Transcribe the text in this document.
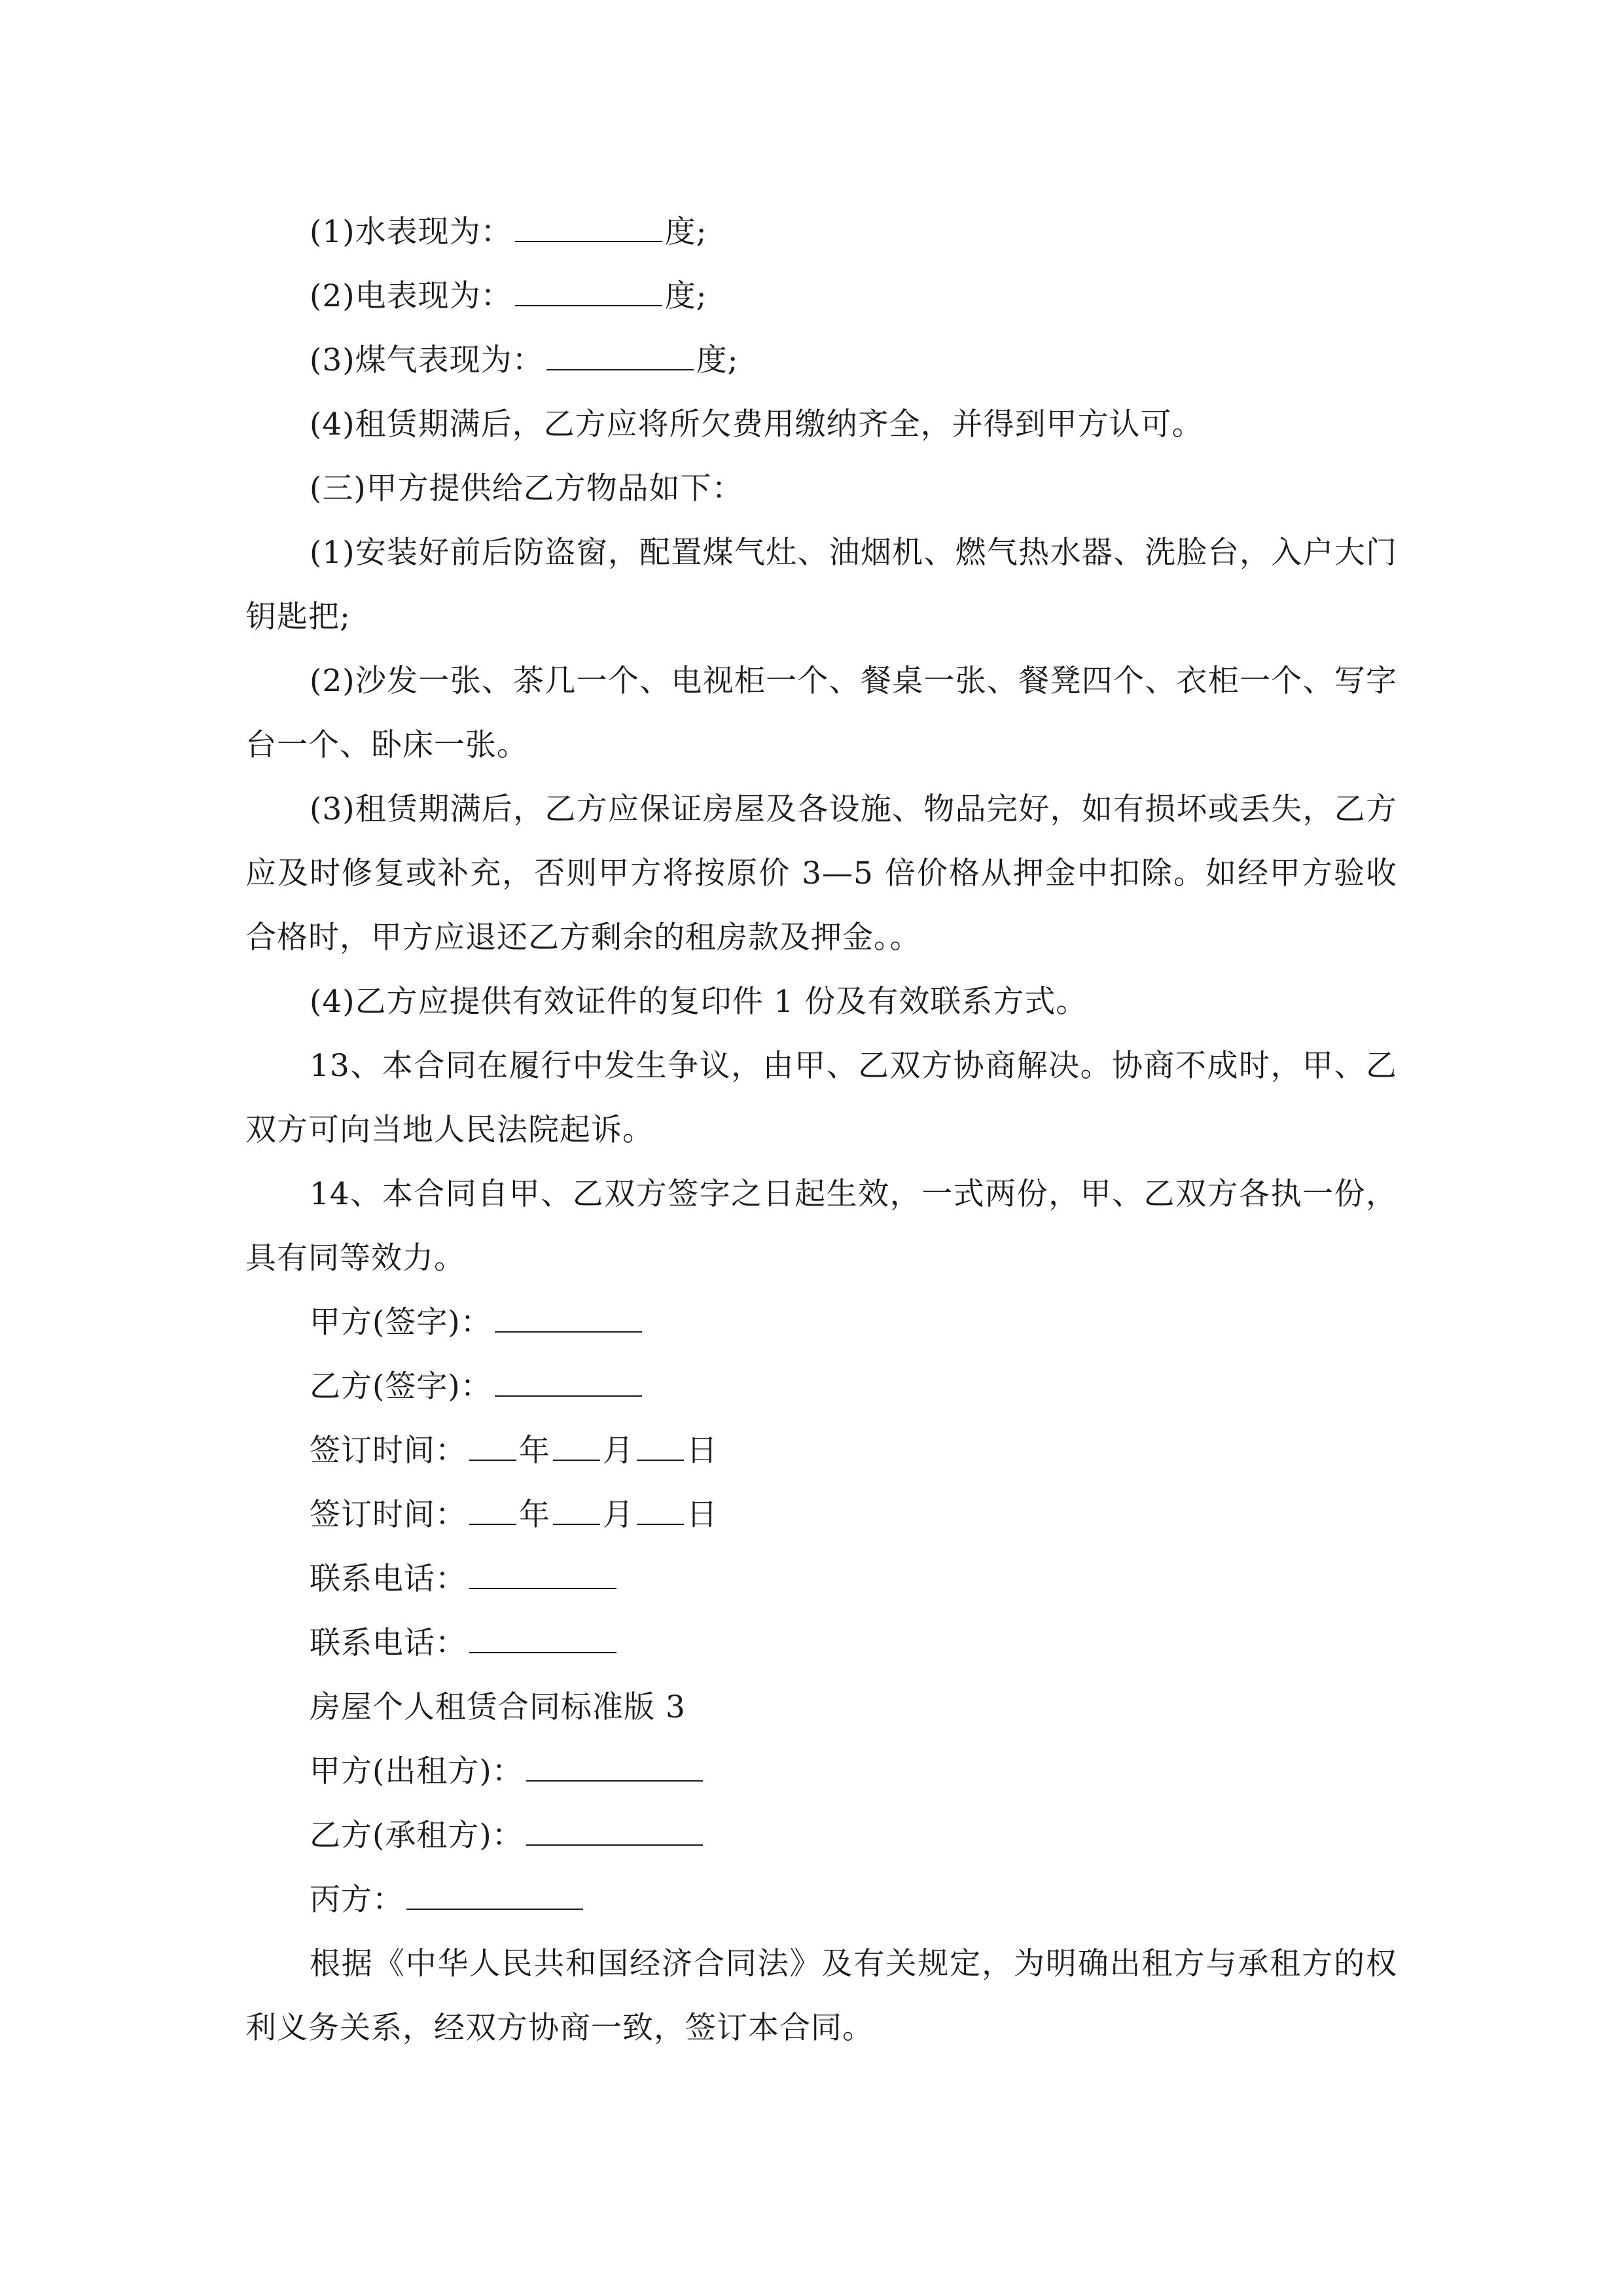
(1)水表现为：	度;

(2)电表现为：	度;

(3)煤气表现为：	度;

(4)租赁期满后，乙方应将所欠费用缴纳齐全，并得到甲方认可。

(三)甲方提供给乙方物品如下：

(1)安装好前后防盗窗，配置煤气灶、油烟机、燃气热水器、洗脸台，入户大门钥匙把;

(2)沙发一张、茶几一个、电视柜一个、餐桌一张、餐凳四个、衣柜一个、写字台一个、卧床一张。

(3)租赁期满后，乙方应保证房屋及各设施、物品完好，如有损坏或丢失，乙方应及时修复或补充，否则甲方将按原价 3—5 倍价格从押金中扣除。如经甲方验收合格时，甲方应退还乙方剩余的租房款及押金。。

(4)乙方应提供有效证件的复印件 1 份及有效联系方式。

13、本合同在履行中发生争议，由甲、乙双方协商解决。协商不成时，甲、乙双方可向当地人民法院起诉。

14、本合同自甲、乙双方签字之日起生效，一式两份，甲、乙双方各执一份，具有同等效力。

甲方(签字)：

乙方(签字)：

签订时间： 年 月 日

签订时间： 年 月 日

联系电话：

联系电话：

房屋个人租赁合同标准版 3

甲方(出租方)：

乙方(承租方)：

丙方：

根据《中华人民共和国经济合同法》及有关规定，为明确出租方与承租方的权利义务关系，经双方协商一致，签订本合同。
